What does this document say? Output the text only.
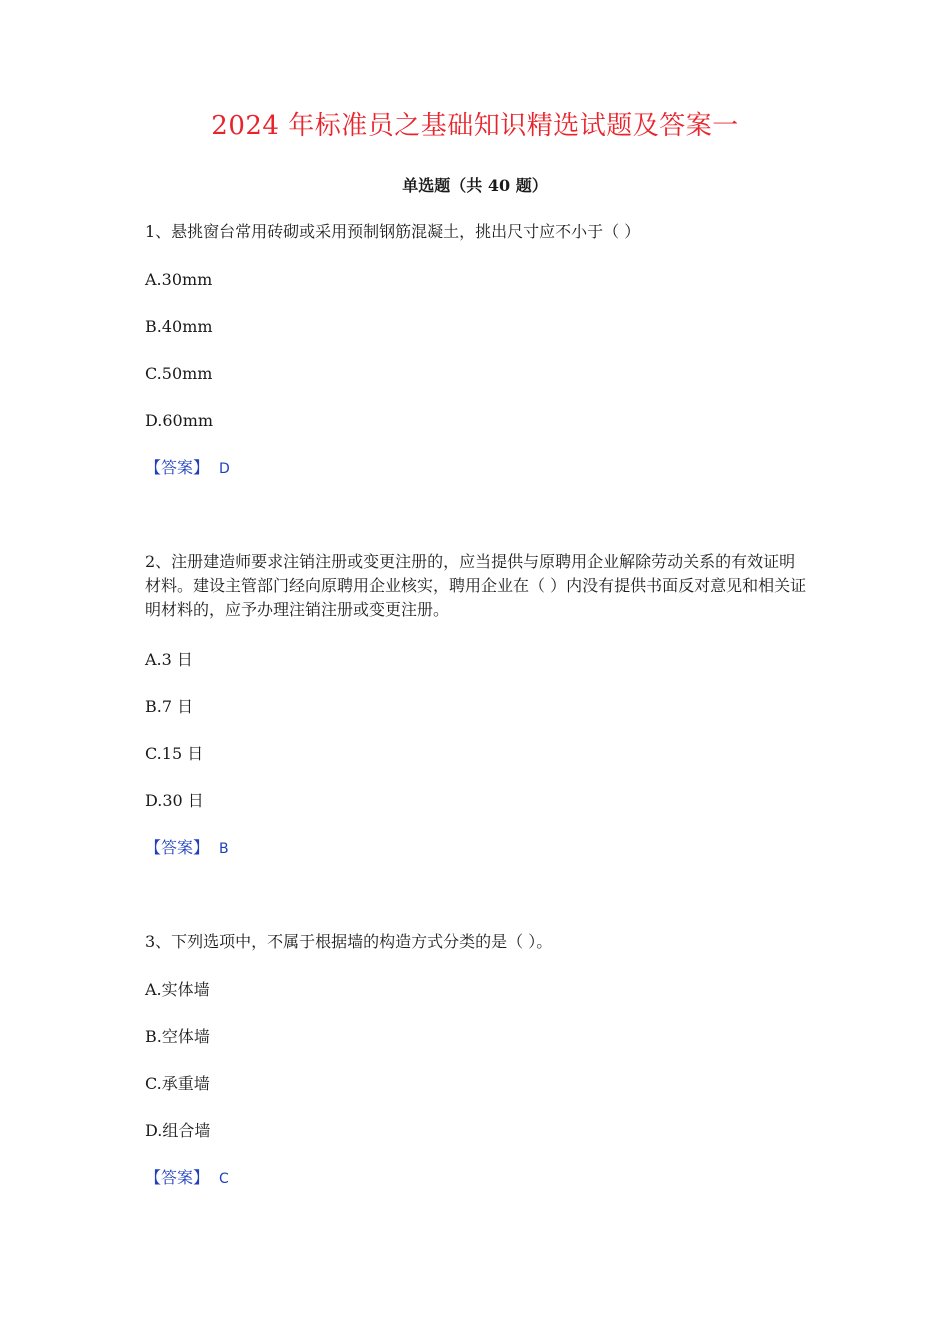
2024 年标准员之基础知识精选试题及答案一
单选题（共 40 题）

1、悬挑窗台常用砖砌或采用预制钢筋混凝土，挑出尺寸应不小于（ ）

A.30mm

B.40mm

C.50mm

D.60mm

【答案】 D

2、注册建造师要求注销注册或变更注册的，应当提供与原聘用企业解除劳动关系的有效证明材料。建设主管部门经向原聘用企业核实，聘用企业在（ ）内没有提供书面反对意见和相关证明材料的，应予办理注销注册或变更注册。

A.3 日

B.7 日

C.15 日

D.30 日

【答案】 B

3、下列选项中，不属于根据墙的构造方式分类的是（ ）。

A.实体墙

B.空体墙

C.承重墙

D.组合墙

【答案】 C
